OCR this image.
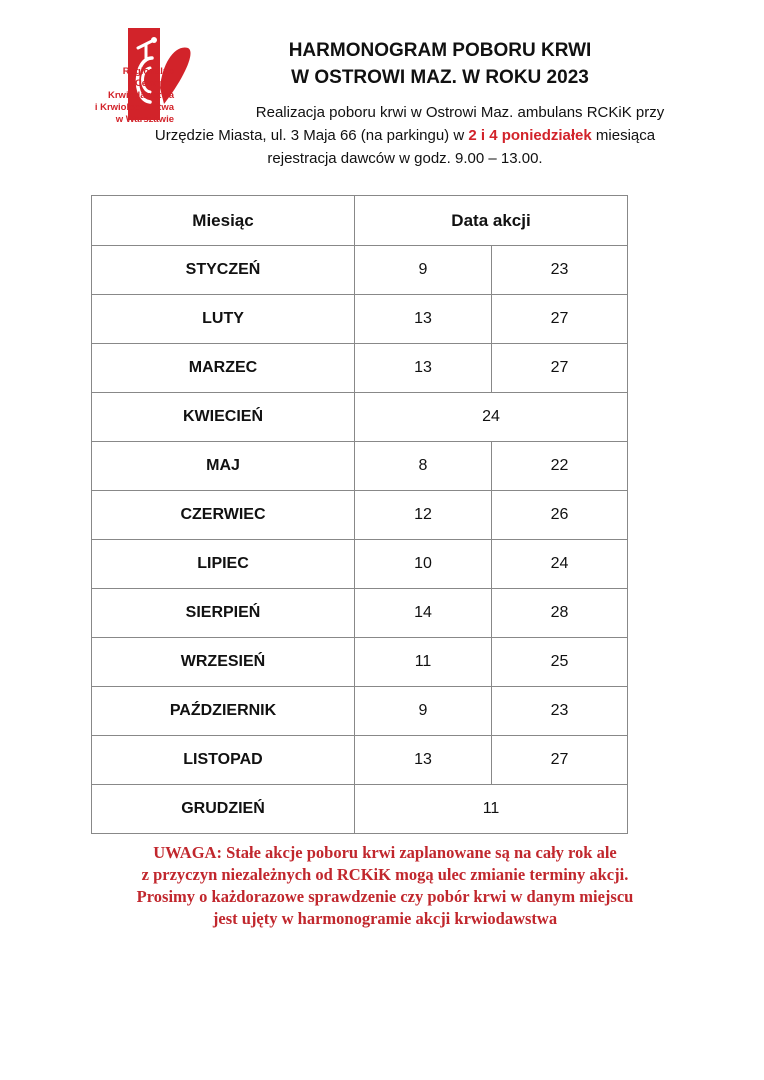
Regionalne
Centrum
Krwiodawstwa
i Krwiolecznictwa
w Warszawie
HARMONOGRAM POBORU KRWI
W OSTROWI MAZ. W ROKU 2023
Realizacja poboru krwi w Ostrowi Maz. ambulans RCKiK przy
Urzędzie Miasta, ul. 3 Maja 66 (na parkingu) w 2 i 4 poniedziałek miesiąca
rejestracja dawców w godz. 9.00 – 13.00.
Miesiąc	Data akcji	
STYCZEŃ	9	23
LUTY	13	27
MARZEC	13	27
KWIECIEŃ	24	
MAJ	8	22
CZERWIEC	12	26
LIPIEC	10	24
SIERPIEŃ	14	28
WRZESIEŃ	11	25
PAŹDZIERNIK	9	23
LISTOPAD	13	27
GRUDZIEŃ	11	
UWAGA: Stałe akcje poboru krwi zaplanowane są na cały rok ale
z przyczyn niezależnych od RCKiK mogą ulec zmianie terminy akcji.
Prosimy o każdorazowe sprawdzenie czy pobór krwi w danym miejscu
jest ujęty w harmonogramie akcji krwiodawstwa
